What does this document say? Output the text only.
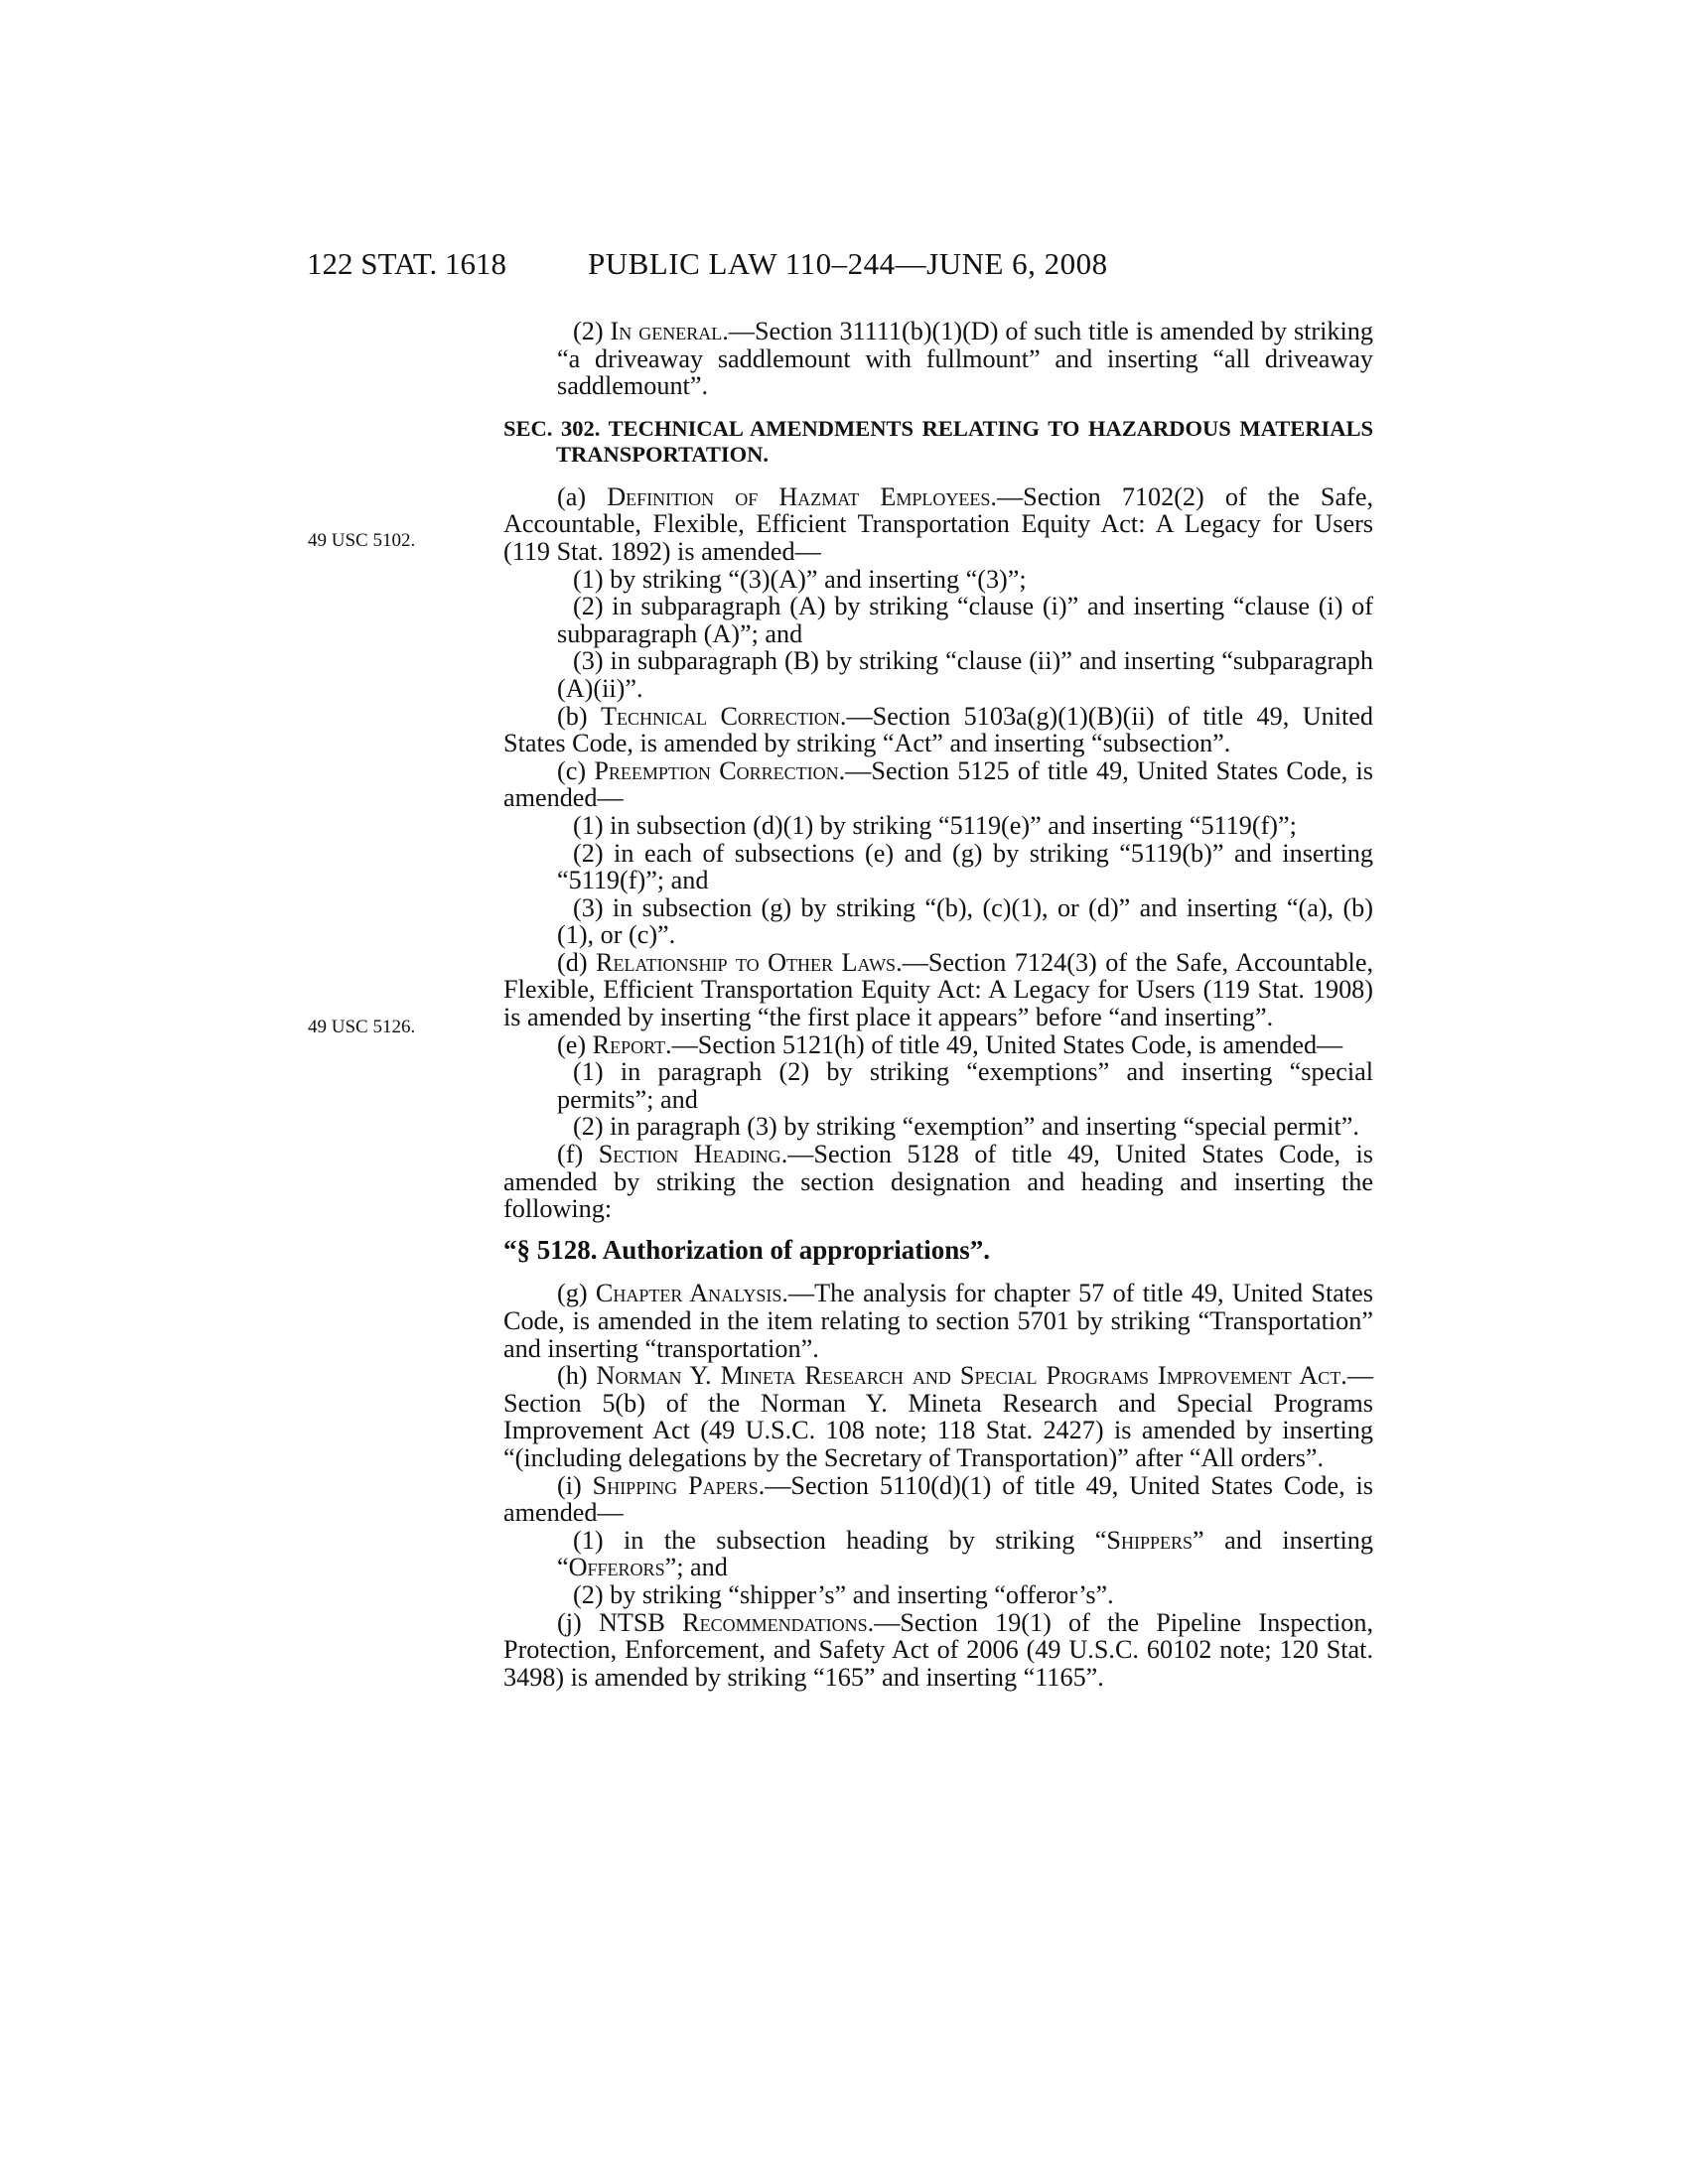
122 STAT. 1618	PUBLIC LAW 110–244—JUNE 6, 2008
49 USC 5102.
49 USC 5126.

(2) In general.—Section 31111(b)(1)(D) of such title is amended by striking “a driveaway saddlemount with fullmount” and inserting “all driveaway saddlemount”.

SEC. 302. TECHNICAL AMENDMENTS RELATING TO HAZARDOUS MATERIALS TRANSPORTATION.

(a) Definition of Hazmat Employees.—Section 7102(2) of the Safe, Accountable, Flexible, Efficient Transportation Equity Act: A Legacy for Users (119 Stat. 1892) is amended—

(1) by striking “(3)(A)” and inserting “(3)”;

(2) in subparagraph (A) by striking “clause (i)” and inserting “clause (i) of subparagraph (A)”; and

(3) in subparagraph (B) by striking “clause (ii)” and inserting “subparagraph (A)(ii)”.

(b) Technical Correction.—Section 5103a(g)(1)(B)(ii) of title 49, United States Code, is amended by striking “Act” and inserting “subsection”.

(c) Preemption Correction.—Section 5125 of title 49, United States Code, is amended—

(1) in subsection (d)(1) by striking “5119(e)” and inserting “5119(f)”;

(2) in each of subsections (e) and (g) by striking “5119(b)” and inserting “5119(f)”; and

(3) in subsection (g) by striking “(b), (c)(1), or (d)” and inserting “(a), (b)(1), or (c)”.

(d) Relationship to Other Laws.—Section 7124(3) of the Safe, Accountable, Flexible, Efficient Transportation Equity Act: A Legacy for Users (119 Stat. 1908) is amended by inserting “the first place it appears” before “and inserting”.

(e) Report.—Section 5121(h) of title 49, United States Code, is amended—

(1) in paragraph (2) by striking “exemptions” and inserting “special permits”; and

(2) in paragraph (3) by striking “exemption” and inserting “special permit”.

(f) Section Heading.—Section 5128 of title 49, United States Code, is amended by striking the section designation and heading and inserting the following:

“§ 5128. Authorization of appropriations”.

(g) Chapter Analysis.—The analysis for chapter 57 of title 49, United States Code, is amended in the item relating to section 5701 by striking “Transportation” and inserting “transportation”.

(h) Norman Y. Mineta Research and Special Programs Improvement Act.—Section 5(b) of the Norman Y. Mineta Research and Special Programs Improvement Act (49 U.S.C. 108 note; 118 Stat. 2427) is amended by inserting “(including delegations by the Secretary of Transportation)” after “All orders”.

(i) Shipping Papers.—Section 5110(d)(1) of title 49, United States Code, is amended—

(1) in the subsection heading by striking “Shippers” and inserting “Offerors”; and

(2) by striking “shipper’s” and inserting “offeror’s”.

(j) NTSB Recommendations.—Section 19(1) of the Pipeline Inspection, Protection, Enforcement, and Safety Act of 2006 (49 U.S.C. 60102 note; 120 Stat. 3498) is amended by striking “165” and inserting “1165”.
